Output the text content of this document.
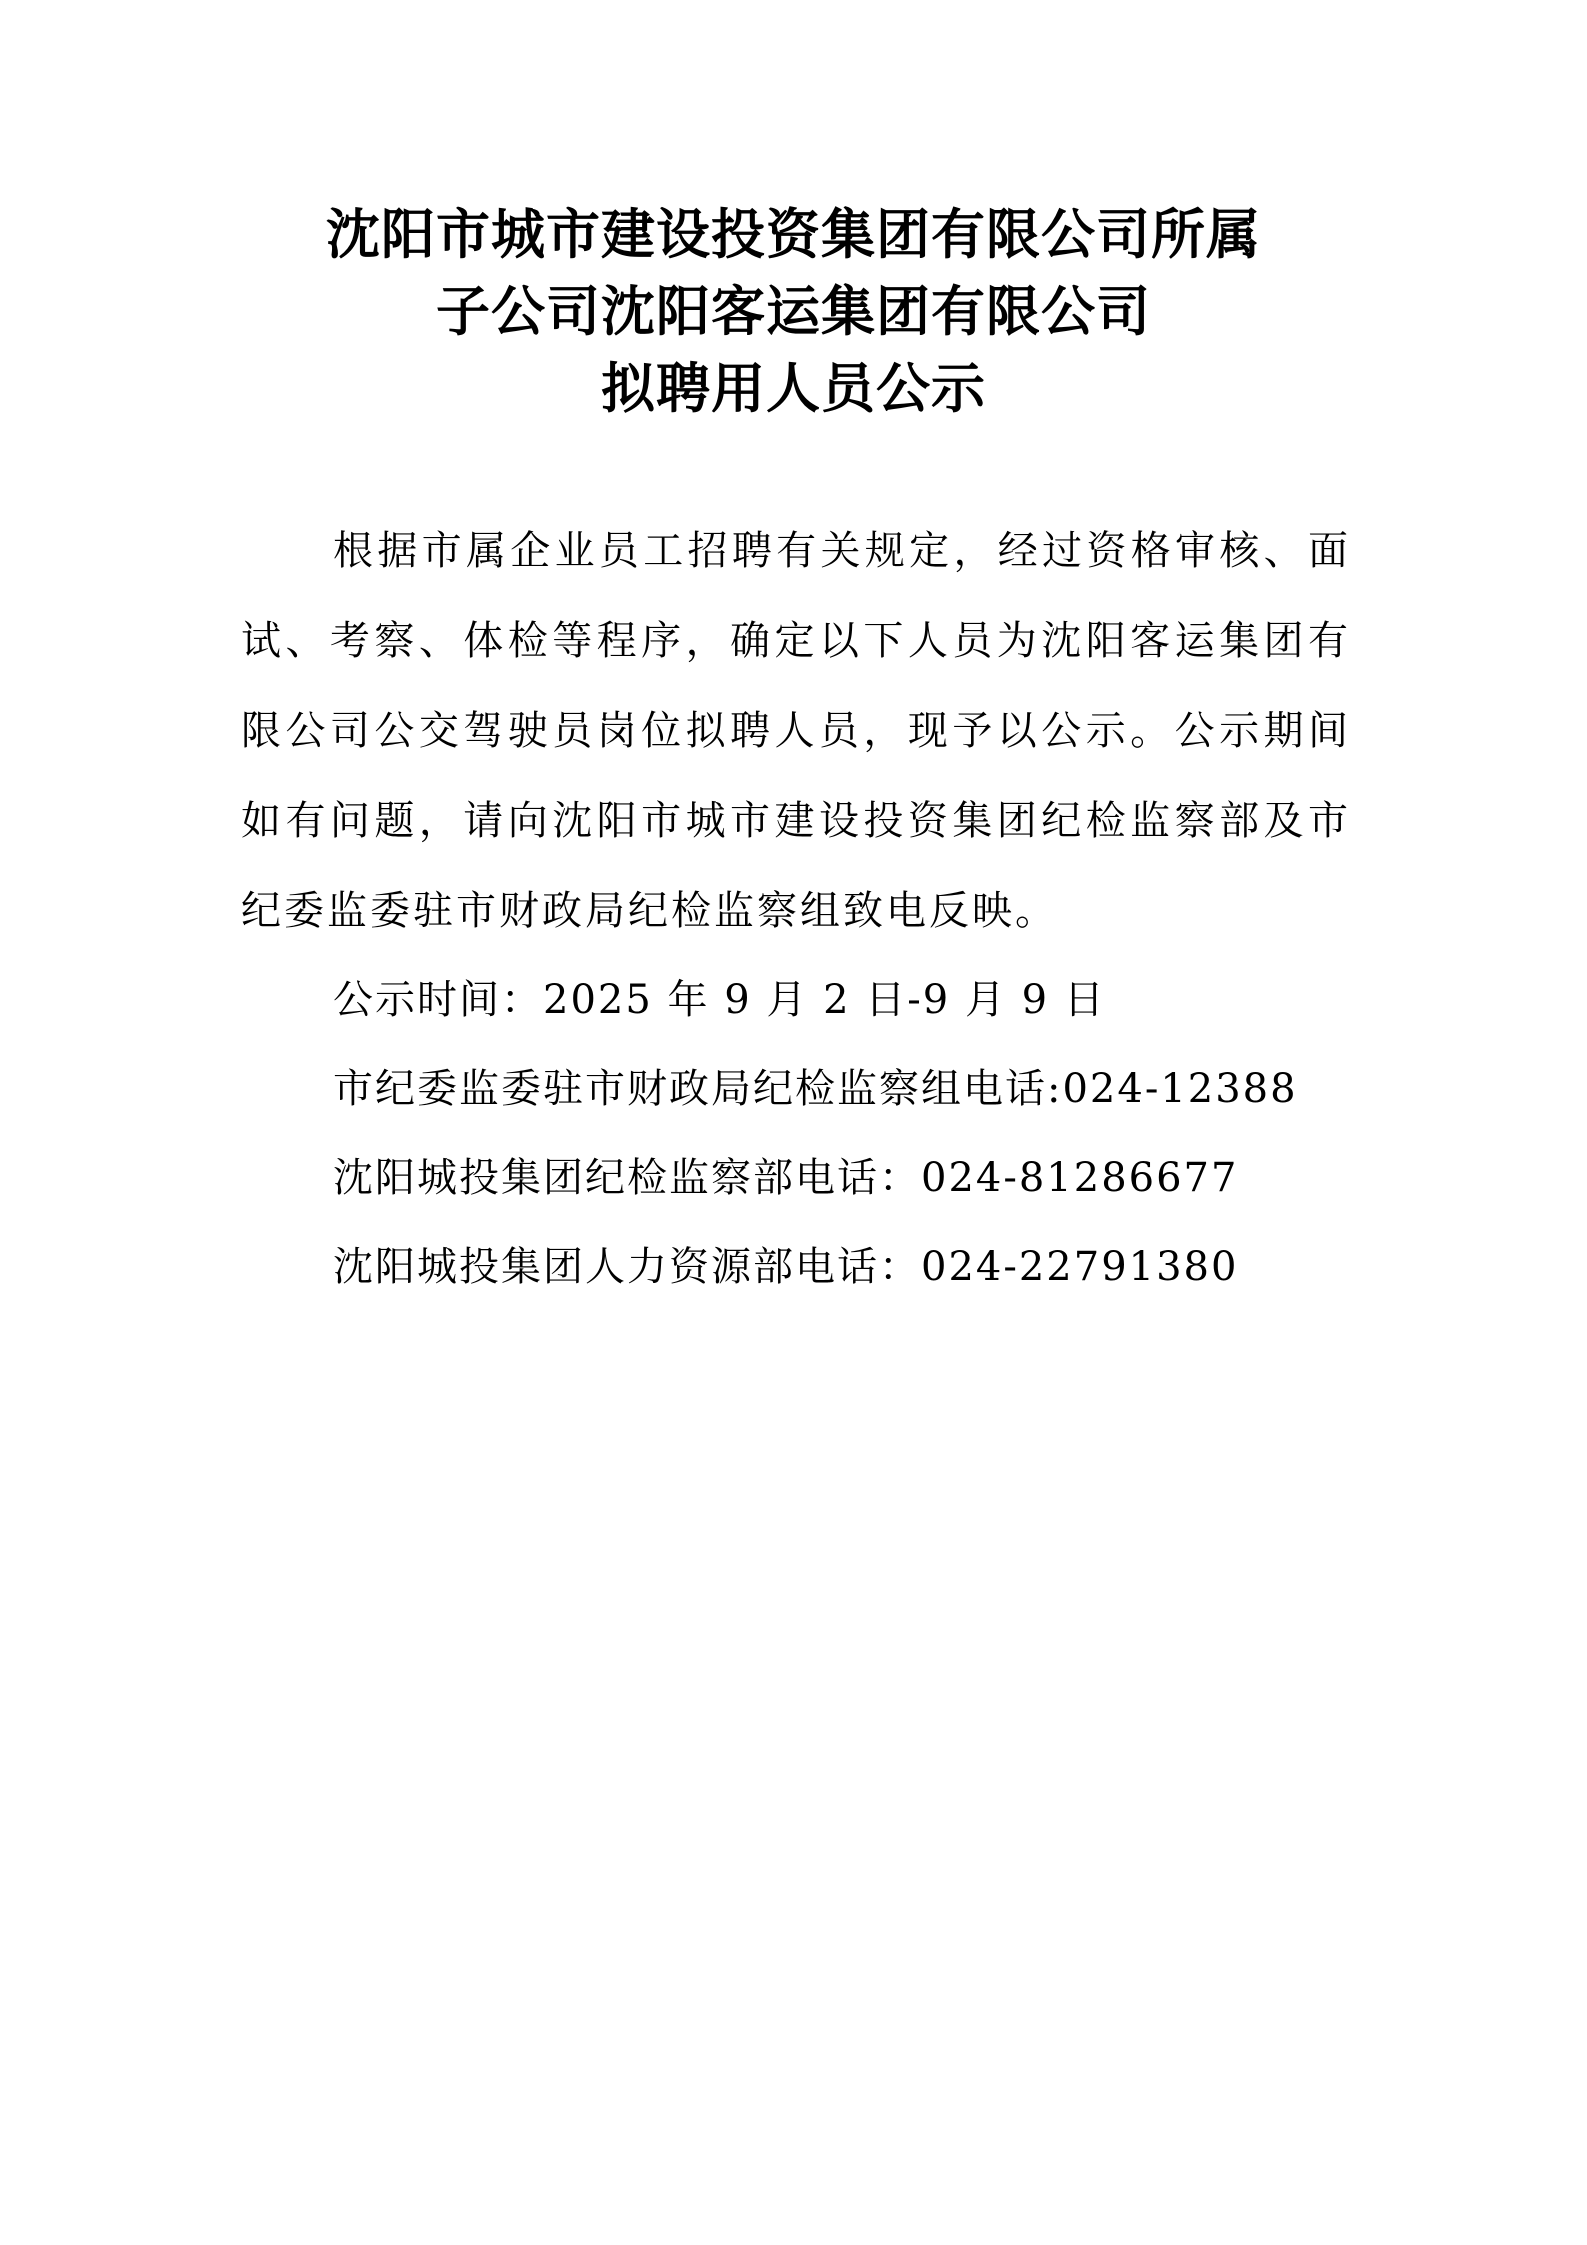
沈阳市城市建设投资集团有限公司所属
子公司沈阳客运集团有限公司
拟聘用人员公示

根据市属企业员工招聘有关规定，经过资格审核、面试、考察、体检等程序，确定以下人员为沈阳客运集团有限公司公交驾驶员岗位拟聘人员，现予以公示。公示期间如有问题，请向沈阳市城市建设投资集团纪检监察部及市纪委监委驻市财政局纪检监察组致电反映。

公示时间：2025 年 9 月 2 日-9 月 9 日
市纪委监委驻市财政局纪检监察组电话:024-12388
沈阳城投集团纪检监察部电话：024-81286677
沈阳城投集团人力资源部电话：024-22791380
